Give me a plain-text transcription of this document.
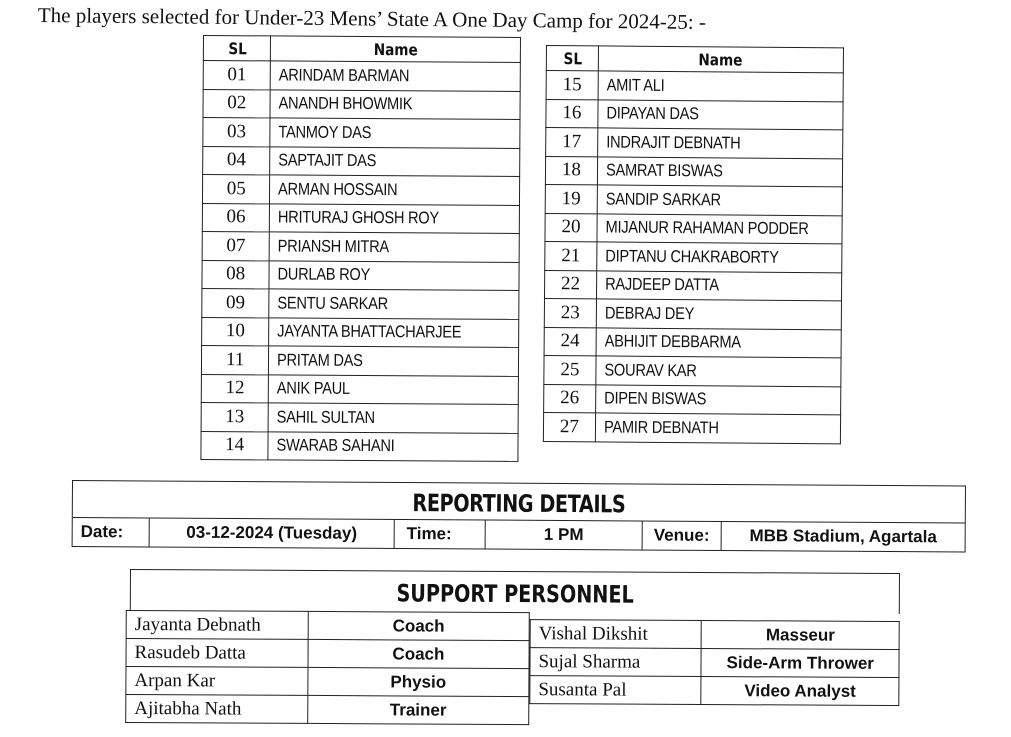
The players selected for Under-23 Mens’ State A One Day Camp for 2024-25: -
SL	Name
01	ARINDAM BARMAN
02	ANANDH BHOWMIK
03	TANMOY DAS
04	SAPTAJIT DAS
05	ARMAN HOSSAIN
06	HRITURAJ GHOSH ROY
07	PRIANSH MITRA
08	DURLAB ROY
09	SENTU SARKAR
10	JAYANTA BHATTACHARJEE
11	PRITAM DAS
12	ANIK PAUL
13	SAHIL SULTAN
14	SWARAB SAHANI
SL	Name
15	AMIT ALI
16	DIPAYAN DAS
17	INDRAJIT DEBNATH
18	SAMRAT BISWAS
19	SANDIP SARKAR
20	MIJANUR RAHAMAN PODDER
21	DIPTANU CHAKRABORTY
22	RAJDEEP DATTA
23	DEBRAJ DEY
24	ABHIJIT DEBBARMA
25	SOURAV KAR
26	DIPEN BISWAS
27	PAMIR DEBNATH
REPORTING DETAILS
Date:	03-12-2024 (Tuesday)	Time:	1 PM	Venue:	MBB Stadium, Agartala
SUPPORT PERSONNEL
Jayanta Debnath	Coach
Rasudeb Datta	Coach
Arpan Kar	Physio
Ajitabha Nath	Trainer
Vishal Dikshit	Masseur
Sujal Sharma	Side-Arm Thrower
Susanta Pal	Video Analyst
